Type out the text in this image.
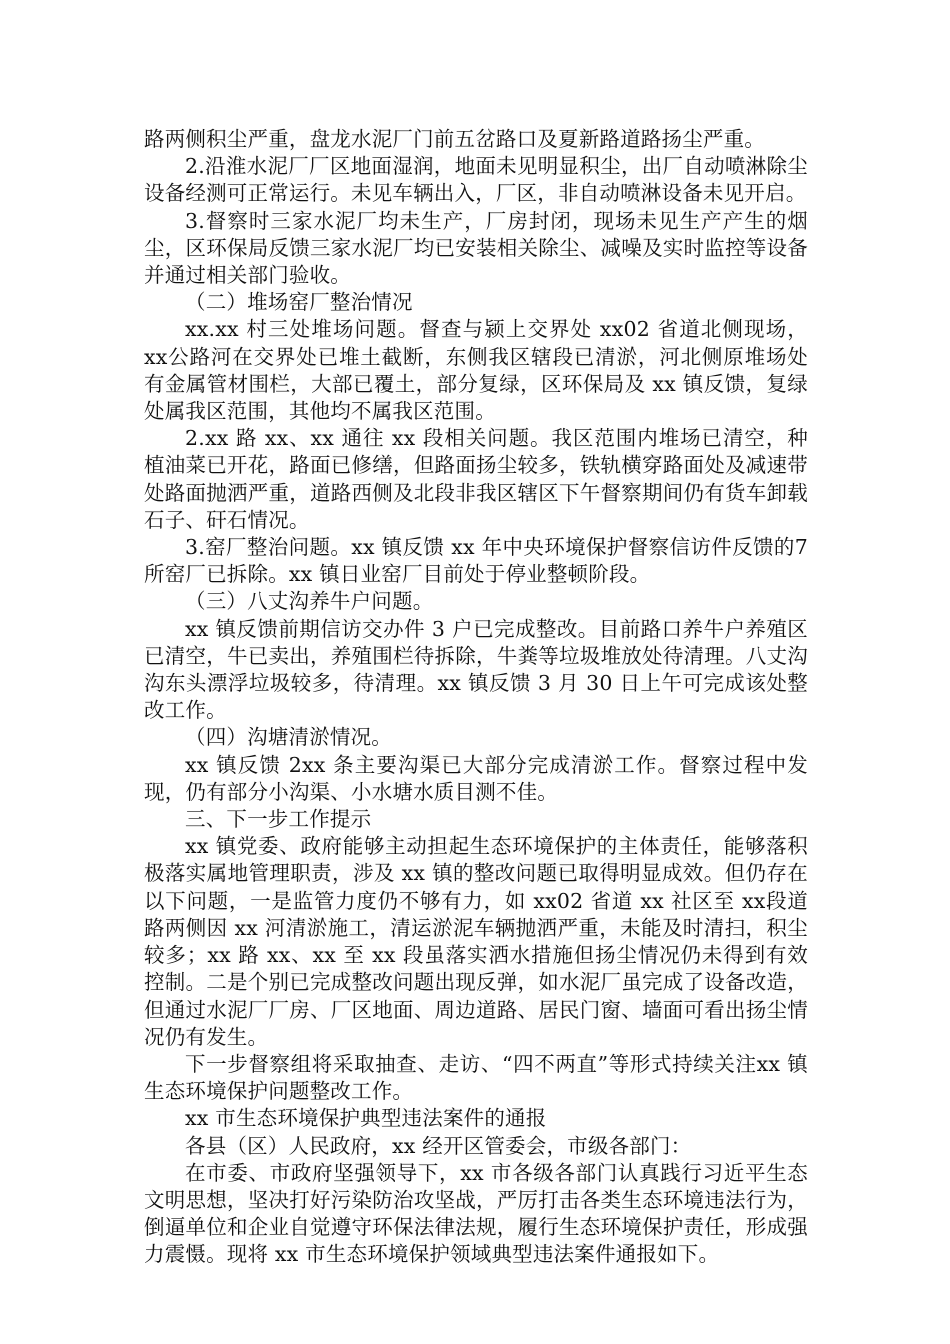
路两侧积尘严重，盘龙水泥厂门前五岔路口及夏新路道路扬尘严重。

2.沿淮水泥厂厂区地面湿润，地面未见明显积尘，出厂自动喷淋除尘设备经测可正常运行。未见车辆出入，厂区，非自动喷淋设备未见开启。

3.督察时三家水泥厂均未生产，厂房封闭，现场未见生产产生的烟尘，区环保局反馈三家水泥厂均已安装相关除尘、减噪及实时监控等设备并通过相关部门验收。

（二）堆场窑厂整治情况

xx.xx 村三处堆场问题。督查与颍上交界处 xx02 省道北侧现场，xx公路河在交界处已堆土截断，东侧我区辖段已清淤，河北侧原堆场处有金属管材围栏，大部已覆土，部分复绿，区环保局及 xx 镇反馈，复绿处属我区范围，其他均不属我区范围。

2.xx 路 xx、xx 通往 xx 段相关问题。我区范围内堆场已清空，种植油菜已开花，路面已修缮，但路面扬尘较多，铁轨横穿路面处及减速带处路面抛洒严重，道路西侧及北段非我区辖区下午督察期间仍有货车卸载石子、矸石情况。

3.窑厂整治问题。xx 镇反馈 xx 年中央环境保护督察信访件反馈的7 所窑厂已拆除。xx 镇日业窑厂目前处于停业整顿阶段。

（三）八丈沟养牛户问题。

xx 镇反馈前期信访交办件 3 户已完成整改。目前路口养牛户养殖区已清空，牛已卖出，养殖围栏待拆除，牛粪等垃圾堆放处待清理。八丈沟沟东头漂浮垃圾较多，待清理。xx 镇反馈 3 月 30 日上午可完成该处整改工作。

（四）沟塘清淤情况。

xx 镇反馈 2xx 条主要沟渠已大部分完成清淤工作。督察过程中发现，仍有部分小沟渠、小水塘水质目测不佳。

三、下一步工作提示

xx 镇党委、政府能够主动担起生态环境保护的主体责任，能够落积极落实属地管理职责，涉及 xx 镇的整改问题已取得明显成效。但仍存在以下问题，一是监管力度仍不够有力，如 xx02 省道 xx 社区至 xx段道路两侧因 xx 河清淤施工，清运淤泥车辆抛洒严重，未能及时清扫，积尘较多；xx 路 xx、xx 至 xx 段虽落实洒水措施但扬尘情况仍未得到有效控制。二是个别已完成整改问题出现反弹，如水泥厂虽完成了设备改造，但通过水泥厂厂房、厂区地面、周边道路、居民门窗、墙面可看出扬尘情况仍有发生。

下一步督察组将采取抽查、走访、“四不两直”等形式持续关注xx 镇生态环境保护问题整改工作。

xx 市生态环境保护典型违法案件的通报

各县（区）人民政府，xx 经开区管委会，市级各部门：

在市委、市政府坚强领导下，xx 市各级各部门认真践行习近平生态文明思想，坚决打好污染防治攻坚战，严厉打击各类生态环境违法行为，倒逼单位和企业自觉遵守环保法律法规，履行生态环境保护责任，形成强力震慑。现将 xx 市生态环境保护领域典型违法案件通报如下。
